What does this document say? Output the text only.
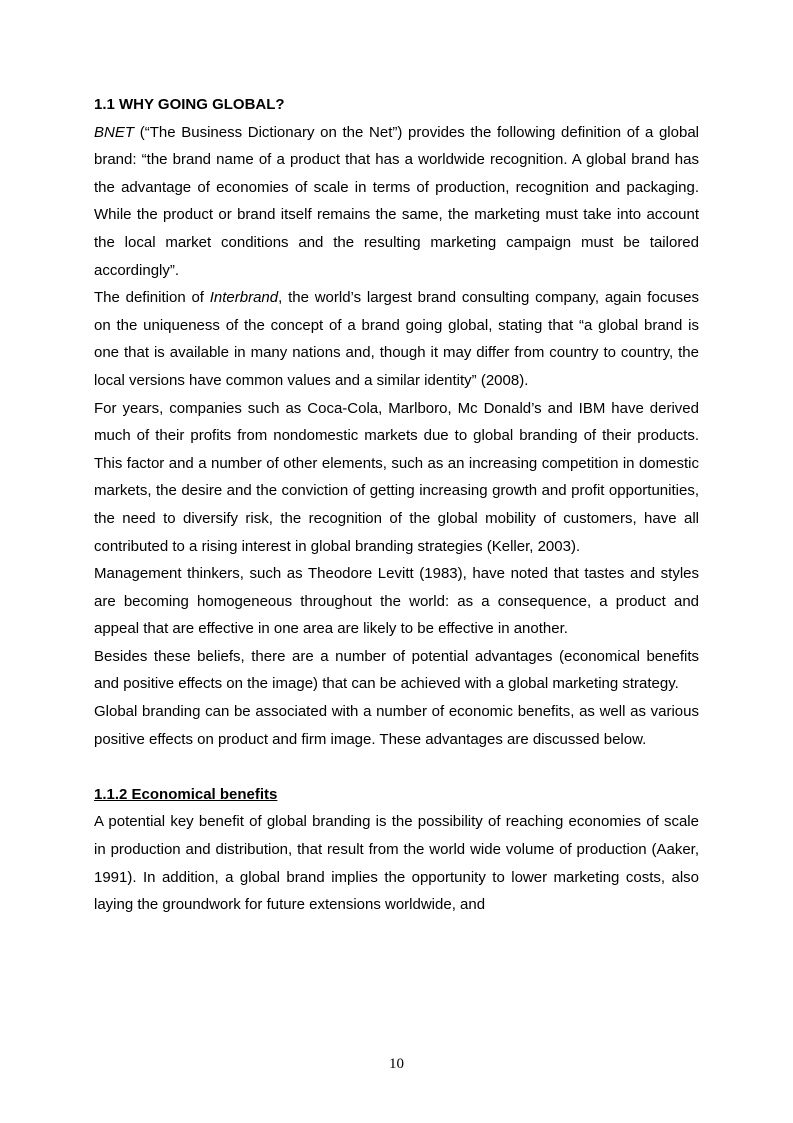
1.1 WHY GOING GLOBAL?

BNET (“The Business Dictionary on the Net”) provides the following definition of a global brand: “the brand name of a product that has a worldwide recognition. A global brand has the advantage of economies of scale in terms of production, recognition and packaging. While the product or brand itself remains the same, the marketing must take into account the local market conditions and the resulting marketing campaign must be tailored accordingly”.

The definition of Interbrand, the world’s largest brand consulting company, again focuses on the uniqueness of the concept of a brand going global, stating that “a global brand is one that is available in many nations and, though it may differ from country to country, the local versions have common values and a similar identity” (2008).

For years, companies such as Coca-Cola, Marlboro, Mc Donald’s and IBM have derived much of their profits from nondomestic markets due to global branding of their products. This factor and a number of other elements, such as an increasing competition in domestic markets, the desire and the conviction of getting increasing growth and profit opportunities, the need to diversify risk, the recognition of the global mobility of customers, have all contributed to a rising interest in global branding strategies (Keller, 2003).

Management thinkers, such as Theodore Levitt (1983), have noted that tastes and styles are becoming homogeneous throughout the world: as a consequence, a product and appeal that are effective in one area are likely to be effective in another.

Besides these beliefs, there are a number of potential advantages (economical benefits and positive effects on the image) that can be achieved with a global marketing strategy.

Global branding can be associated with a number of economic benefits, as well as various positive effects on product and firm image. These advantages are discussed below.

1.1.2 Economical benefits

A potential key benefit of global branding is the possibility of reaching economies of scale in production and distribution, that result from the world wide volume of production (Aaker, 1991). In addition, a global brand implies the opportunity to lower marketing costs, also laying the groundwork for future extensions worldwide, and

10
